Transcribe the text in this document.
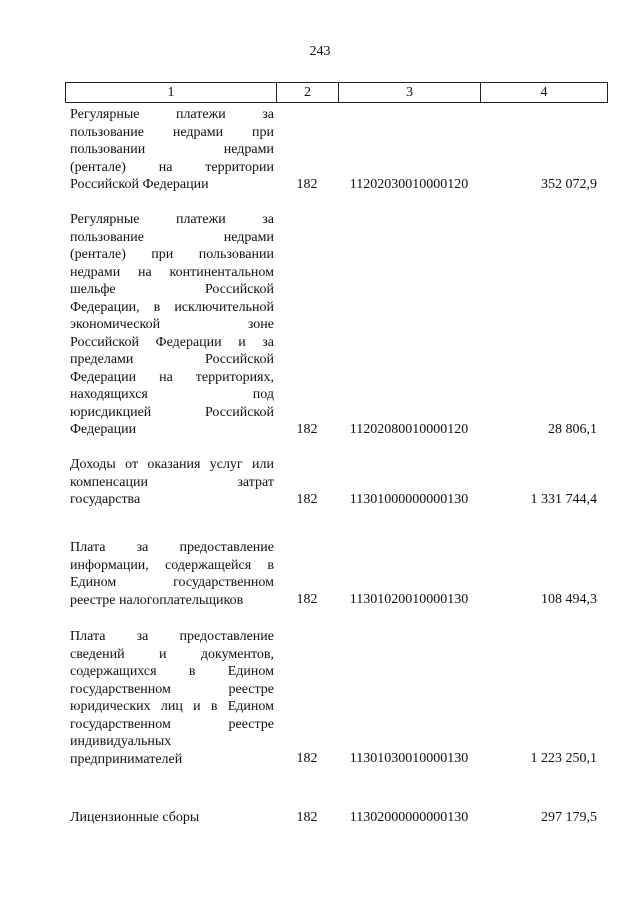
243
1	2	3	4
Регулярные платежи за
пользование недрами при
пользовании недрами
(рентале) на территории
Российской Федерации	182	11202030010000120	352 072,9
Регулярные платежи за
пользование недрами
(рентале) при пользовании
недрами на континентальном
шельфе Российской
Федерации, в исключительной
экономической зоне
Российской Федерации и за
пределами Российской
Федерации на территориях,
находящихся под
юрисдикцией Российской
Федерации	182	11202080010000120	28 806,1
Доходы от оказания услуг или
компенсации затрат
государства	182	11301000000000130	1 331 744,4
Плата за предоставление
информации, содержащейся в
Едином государственном
реестре налогоплательщиков	182	11301020010000130	108 494,3
Плата за предоставление
сведений и документов,
содержащихся в Едином
государственном реестре
юридических лиц и в Едином
государственном реестре
индивидуальных
предпринимателей	182	11301030010000130	1 223 250,1
Лицензионные сборы	182	11302000000000130	297 179,5
